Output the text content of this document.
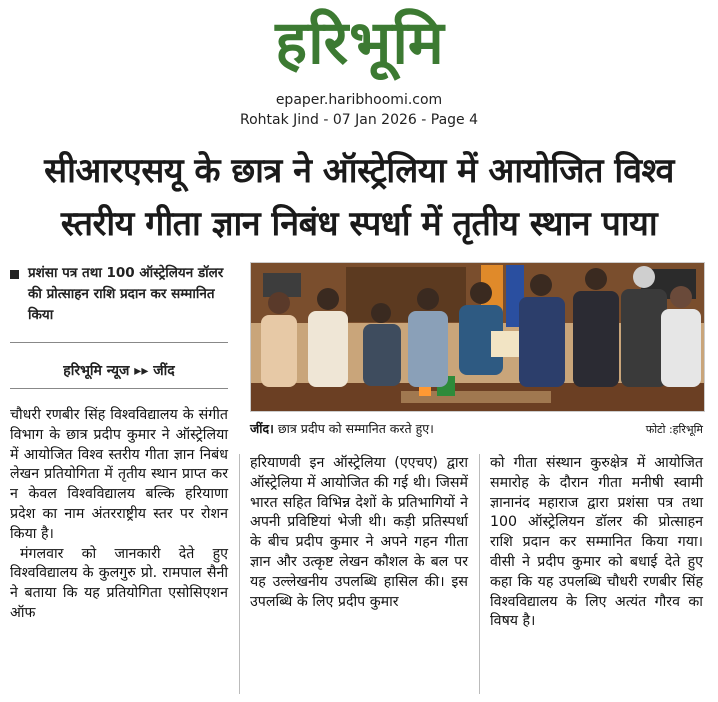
हरिभूमि
epaper.haribhoomi.com
Rohtak Jind - 07 Jan 2026 - Page 4
सीआरएसयू के छात्र ने ऑस्ट्रेलिया में आयोजित विश्व
स्तरीय गीता ज्ञान निबंध स्पर्धा में तृतीय स्थान पाया
प्रशंसा पत्र तथा 100 ऑस्ट्रेलियन डॉलर की प्रोत्साहन राशि प्रदान कर सम्मानित किया
हरिभूमि न्यूज ▸▸ जींद
जींद। छात्र प्रदीप को सम्मानित करते हुए।	फोटो :हरिभूमि

चौधरी रणबीर सिंह विश्वविद्यालय के संगीत विभाग के छात्र प्रदीप कुमार ने ऑस्ट्रेलिया में आयोजित विश्व स्तरीय गीता ज्ञान निबंध लेखन प्रतियोगिता में तृतीय स्थान प्राप्त कर न केवल विश्वविद्यालय बल्कि हरियाणा प्रदेश का नाम अंतरराष्ट्रीय स्तर पर रोशन किया है।

मंगलवार को जानकारी देते हुए विश्वविद्यालय के कुलगुरु प्रो. रामपाल सैनी ने बताया कि यह प्रतियोगिता एसोसिएशन ऑफ

हरियाणवी इन ऑस्ट्रेलिया (एएचए) द्वारा ऑस्ट्रेलिया में आयोजित की गई थी। जिसमें भारत सहित विभिन्न देशों के प्रतिभागियों ने अपनी प्रविष्टियां भेजी थी। कड़ी प्रतिस्पर्धा के बीच प्रदीप कुमार ने अपने गहन गीता ज्ञान और उत्कृष्ट लेखन कौशल के बल पर यह उल्लेखनीय उपलब्धि हासिल की। इस उपलब्धि के लिए प्रदीप कुमार

को गीता संस्थान कुरुक्षेत्र में आयोजित समारोह के दौरान गीता मनीषी स्वामी ज्ञानानंद महाराज द्वारा प्रशंसा पत्र तथा 100 ऑस्ट्रेलियन डॉलर की प्रोत्साहन राशि प्रदान कर सम्मानित किया गया। वीसी ने प्रदीप कुमार को बधाई देते हुए कहा कि यह उपलब्धि चौधरी रणबीर सिंह विश्वविद्यालय के लिए अत्यंत गौरव का विषय है।
